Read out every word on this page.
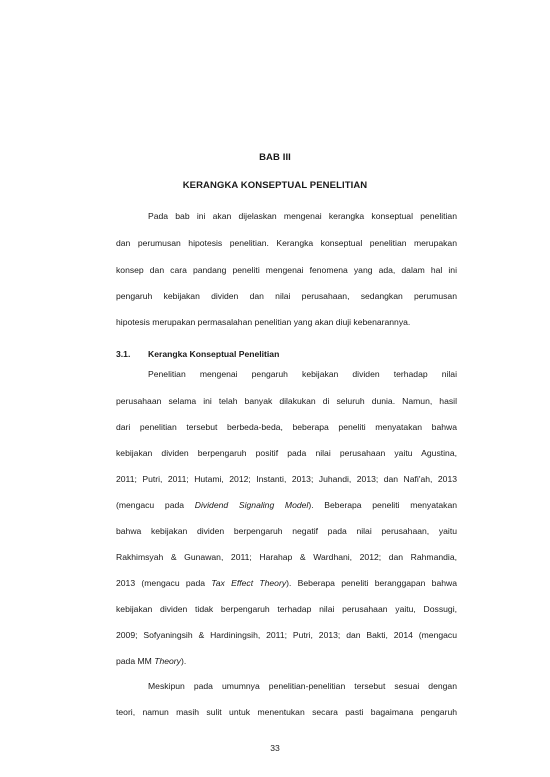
BAB III
KERANGKA KONSEPTUAL PENELITIAN
Pada bab ini akan dijelaskan mengenai kerangka konseptual penelitian
dan perumusan hipotesis penelitian. Kerangka konseptual penelitian merupakan
konsep dan cara pandang peneliti mengenai fenomena yang ada, dalam hal ini
pengaruh kebijakan dividen dan nilai perusahaan, sedangkan perumusan
hipotesis merupakan permasalahan penelitian yang akan diuji kebenarannya.
3.1. Kerangka Konseptual Penelitian
Penelitian mengenai pengaruh kebijakan dividen terhadap nilai
perusahaan selama ini telah banyak dilakukan di seluruh dunia. Namun, hasil
dari penelitian tersebut berbeda-beda, beberapa peneliti menyatakan bahwa
kebijakan dividen berpengaruh positif pada nilai perusahaan yaitu Agustina,
2011; Putri, 2011; Hutami, 2012; Instanti, 2013; Juhandi, 2013; dan Nafi'ah, 2013
(mengacu pada Dividend Signaling Model). Beberapa peneliti menyatakan
bahwa kebijakan dividen berpengaruh negatif pada nilai perusahaan, yaitu
Rakhimsyah & Gunawan, 2011; Harahap & Wardhani, 2012; dan Rahmandia,
2013 (mengacu pada Tax Effect Theory). Beberapa peneliti beranggapan bahwa
kebijakan dividen tidak berpengaruh terhadap nilai perusahaan yaitu, Dossugi,
2009; Sofyaningsih & Hardiningsih, 2011; Putri, 2013; dan Bakti, 2014 (mengacu
pada MM Theory).
Meskipun pada umumnya penelitian-penelitian tersebut sesuai dengan
teori, namun masih sulit untuk menentukan secara pasti bagaimana pengaruh
33
